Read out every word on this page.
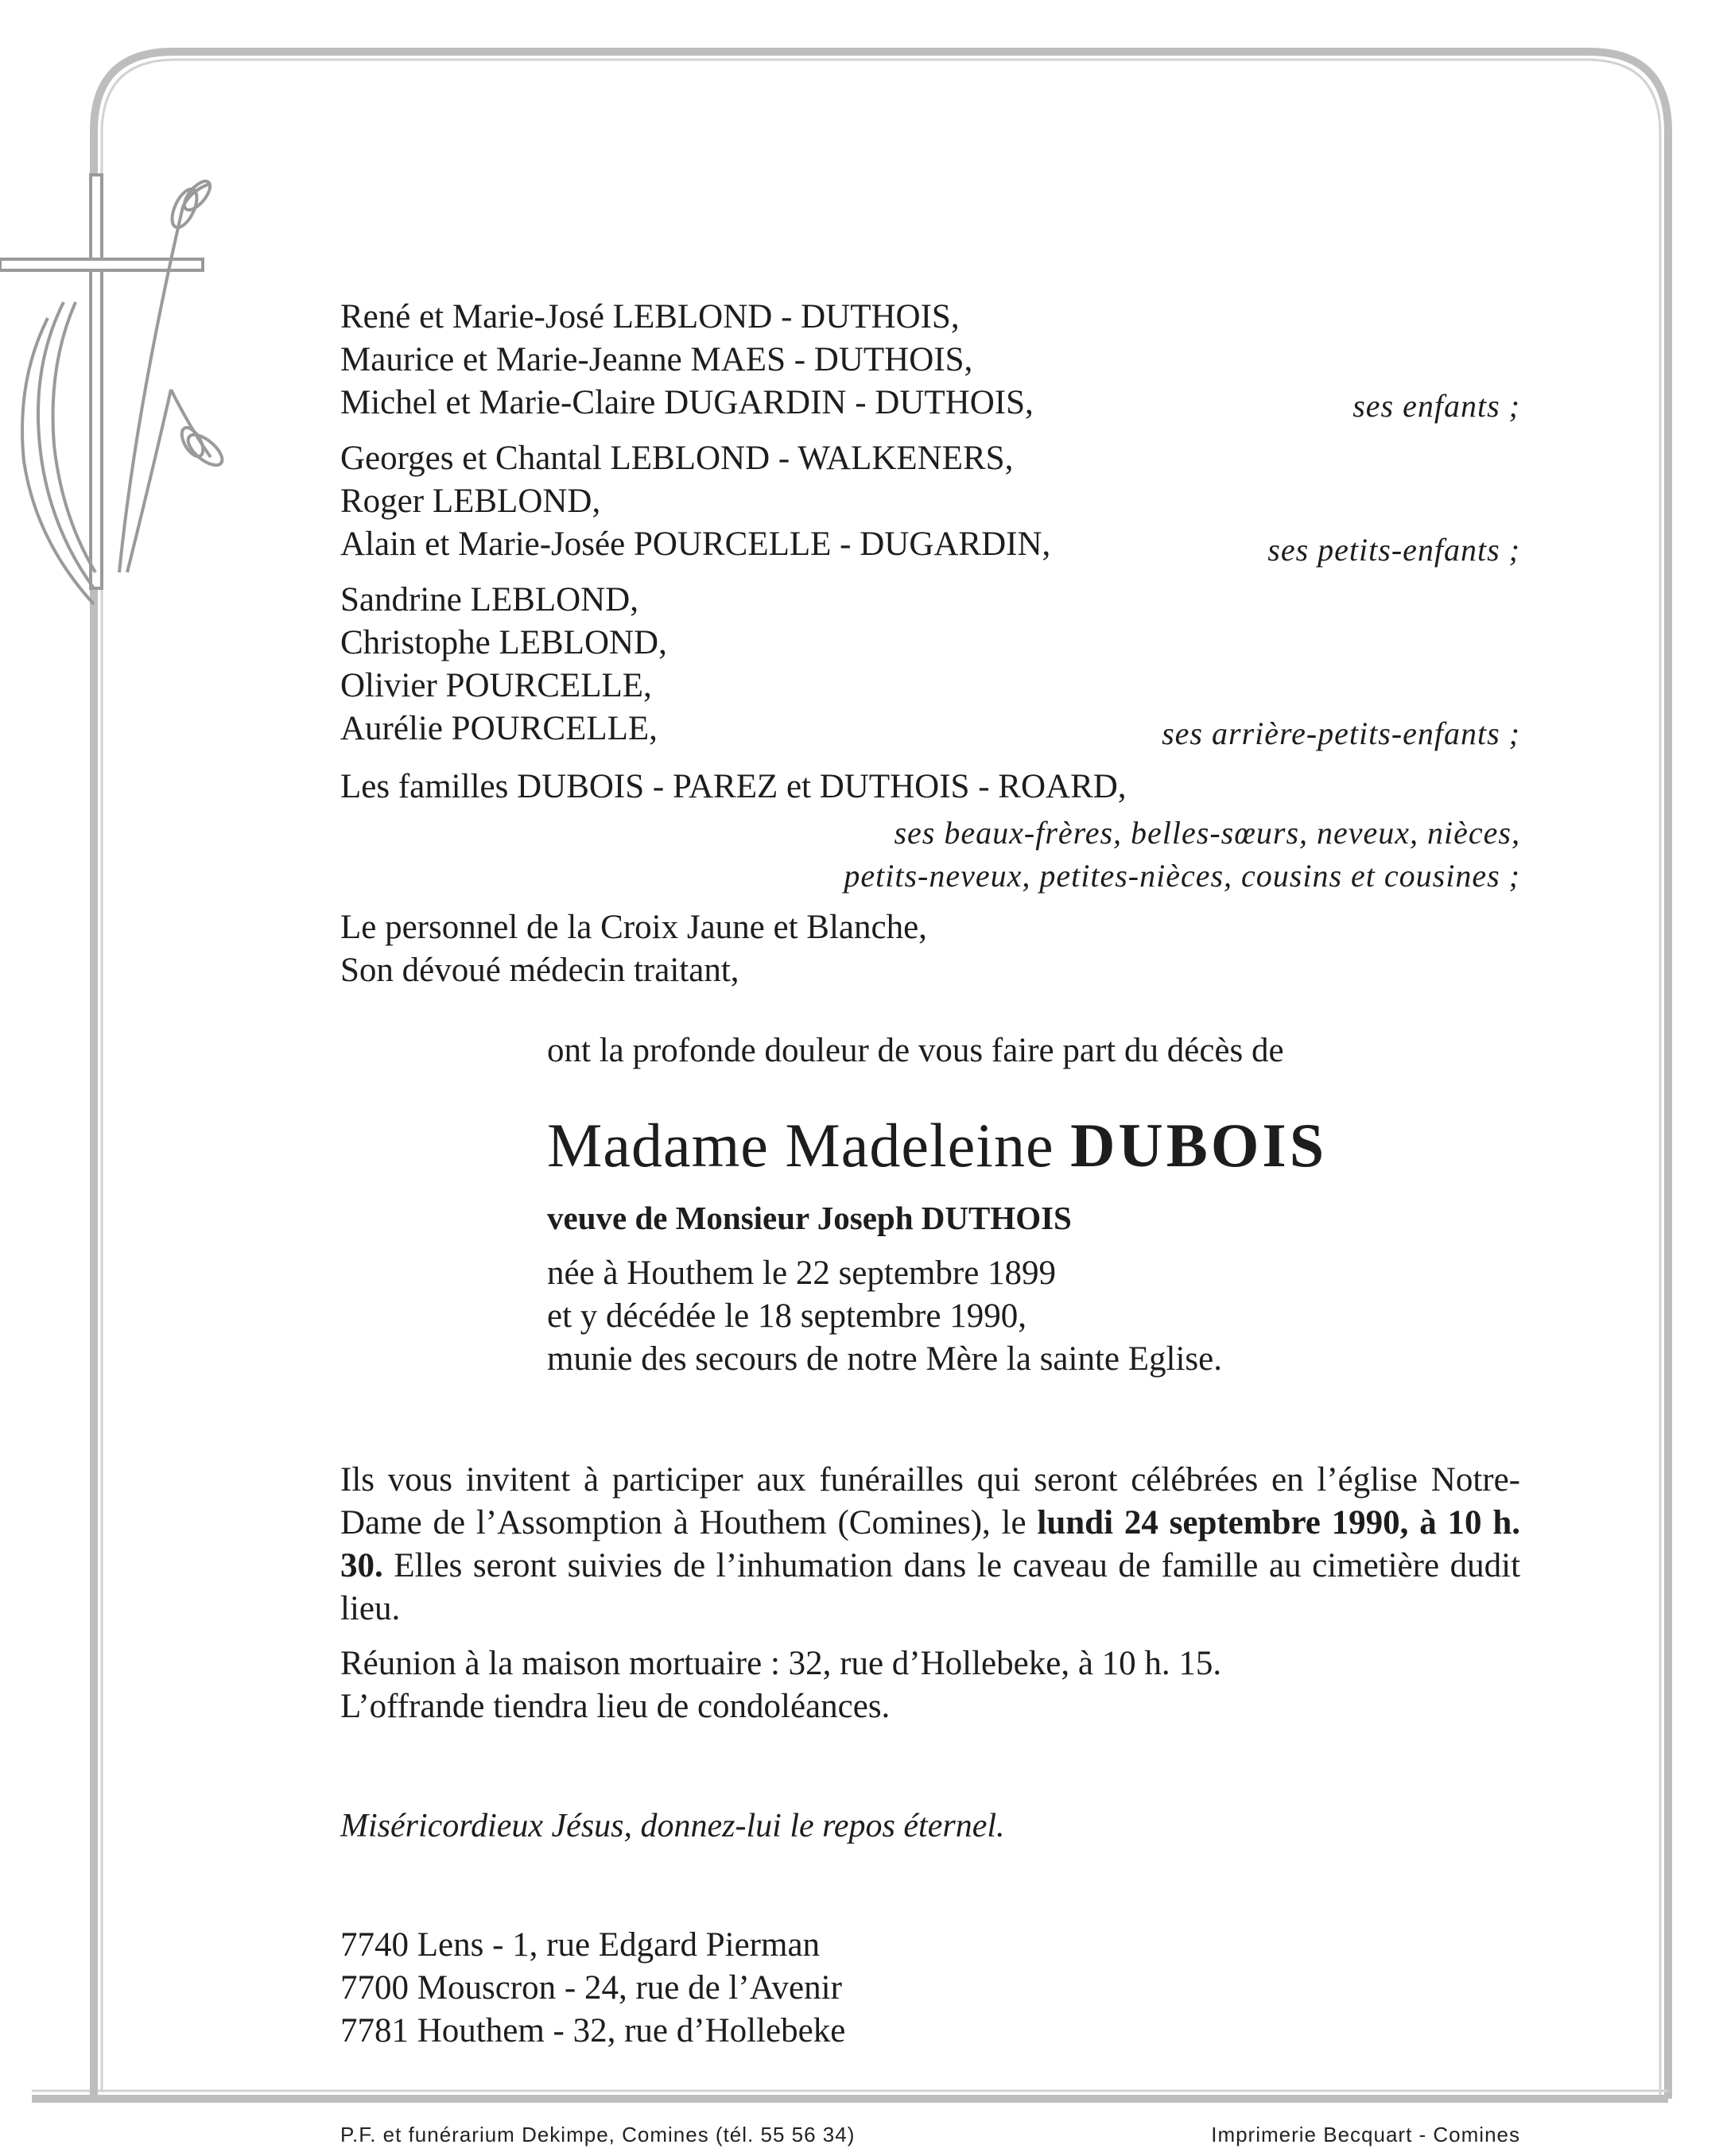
René et Marie-José LEBLOND - DUTHOIS,
Maurice et Marie-Jeanne MAES - DUTHOIS,
Michel et Marie-Claire DUGARDIN - DUTHOIS,	ses enfants ;
Georges et Chantal LEBLOND - WALKENERS,
Roger LEBLOND,
Alain et Marie-Josée POURCELLE - DUGARDIN,	ses petits-enfants ;
Sandrine LEBLOND,
Christophe LEBLOND,
Olivier POURCELLE,
Aurélie POURCELLE,	ses arrière-petits-enfants ;
Les familles DUBOIS - PAREZ et DUTHOIS - ROARD,
ses beaux-frères, belles-sœurs, neveux, nièces,
petits-neveux, petites-nièces, cousins et cousines ;
Le personnel de la Croix Jaune et Blanche,
Son dévoué médecin traitant,
ont la profonde douleur de vous faire part du décès de
Madame Madeleine DUBOIS
veuve de Monsieur Joseph DUTHOIS
née à Houthem le 22 septembre 1899
et y décédée le 18 septembre 1990,
munie des secours de notre Mère la sainte Eglise.
Ils vous invitent à participer aux funérailles qui seront célébrées en l’église Notre-Dame de l’Assomption à Houthem (Comines), le lundi 24 septembre 1990, à 10 h. 30. Elles seront suivies de l’inhumation dans le caveau de famille au cimetière dudit lieu.
Réunion à la maison mortuaire : 32, rue d’Hollebeke, à 10 h. 15.
L’offrande tiendra lieu de condoléances.
Miséricordieux Jésus, donnez-lui le repos éternel.
7740 Lens - 1, rue Edgard Pierman
7700 Mouscron - 24, rue de l’Avenir
7781 Houthem - 32, rue d’Hollebeke
P.F. et funérarium Dekimpe, Comines (tél. 55 56 34)	Imprimerie Becquart - Comines
